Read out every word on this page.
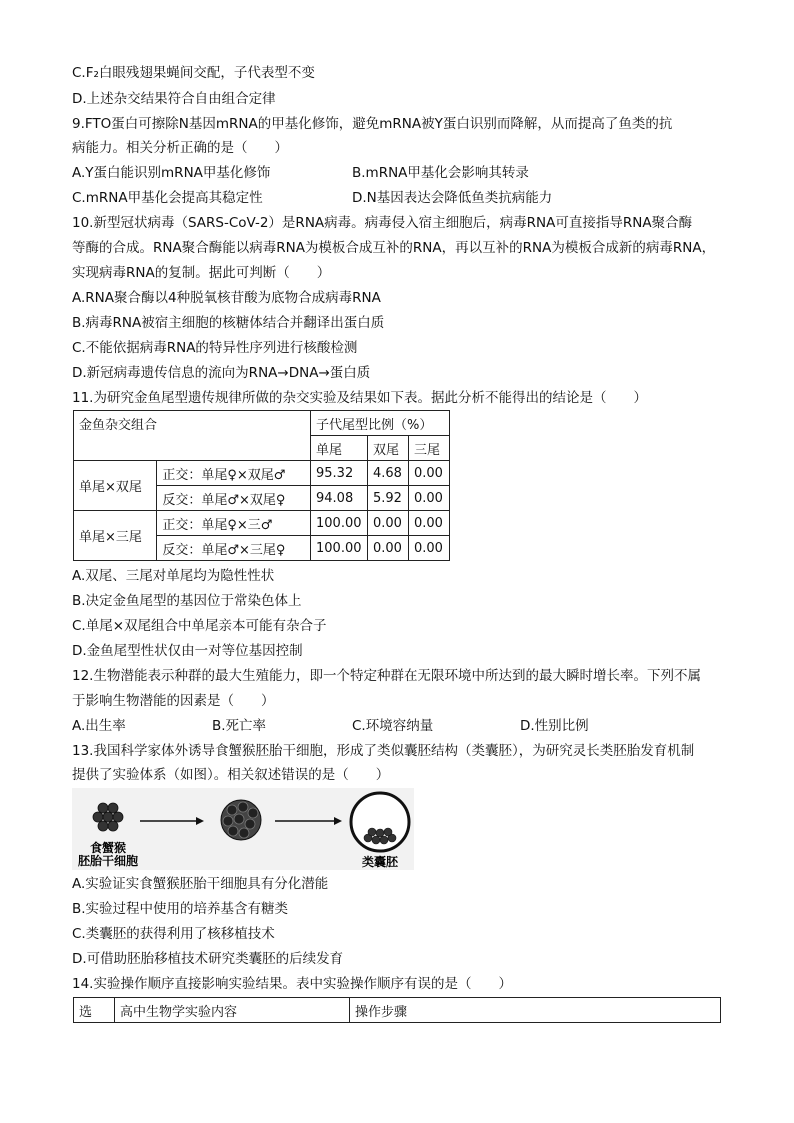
C.F₂白眼残翅果蝇间交配，子代表型不变
D.上述杂交结果符合自由组合定律
9.FTO蛋白可擦除N基因mRNA的甲基化修饰，避免mRNA被Y蛋白识别而降解，从而提高了鱼类的抗
病能力。相关分析正确的是（　　）
A.Y蛋白能识别mRNA甲基化修饰	B.mRNA甲基化会影响其转录
C.mRNA甲基化会提高其稳定性	D.N基因表达会降低鱼类抗病能力
10.新型冠状病毒（SARS-CoV-2）是RNA病毒。病毒侵入宿主细胞后，病毒RNA可直接指导RNA聚合酶
等酶的合成。RNA聚合酶能以病毒RNA为模板合成互补的RNA，再以互补的RNA为模板合成新的病毒RNA，
实现病毒RNA的复制。据此可判断（　　）
A.RNA聚合酶以4种脱氧核苷酸为底物合成病毒RNA
B.病毒RNA被宿主细胞的核糖体结合并翻译出蛋白质
C.不能依据病毒RNA的特异性序列进行核酸检测
D.新冠病毒遗传信息的流向为RNA→DNA→蛋白质
11.为研究金鱼尾型遗传规律所做的杂交实验及结果如下表。据此分析不能得出的结论是（　　）
金鱼杂交组合		子代尾型比例（%）		
		单尾	双尾	三尾
单尾×双尾	正交：单尾♀×双尾♂	95.32	4.68	0.00
	反交：单尾♂×双尾♀	94.08	5.92	0.00
单尾×三尾	正交：单尾♀×三♂	100.00	0.00	0.00
	反交：单尾♂×三尾♀	100.00	0.00	0.00
A.双尾、三尾对单尾均为隐性性状
B.决定金鱼尾型的基因位于常染色体上
C.单尾×双尾组合中单尾亲本可能有杂合子
D.金鱼尾型性状仅由一对等位基因控制
12.生物潜能表示种群的最大生殖能力，即一个特定种群在无限环境中所达到的最大瞬时增长率。下列不属
于影响生物潜能的因素是（　　）
A.出生率	B.死亡率	C.环境容纳量	D.性别比例
13.我国科学家体外诱导食蟹猴胚胎干细胞，形成了类似囊胚结构（类囊胚），为研究灵长类胚胎发育机制
提供了实验体系（如图）。相关叙述错误的是（　　）
食蟹猴
胚胎干细胞	类囊胚
A.实验证实食蟹猴胚胎干细胞具有分化潜能
B.实验过程中使用的培养基含有糖类
C.类囊胚的获得利用了核移植技术
D.可借助胚胎移植技术研究类囊胚的后续发育
14.实验操作顺序直接影响实验结果。表中实验操作顺序有误的是（　　）
选	高中生物学实验内容	操作步骤
